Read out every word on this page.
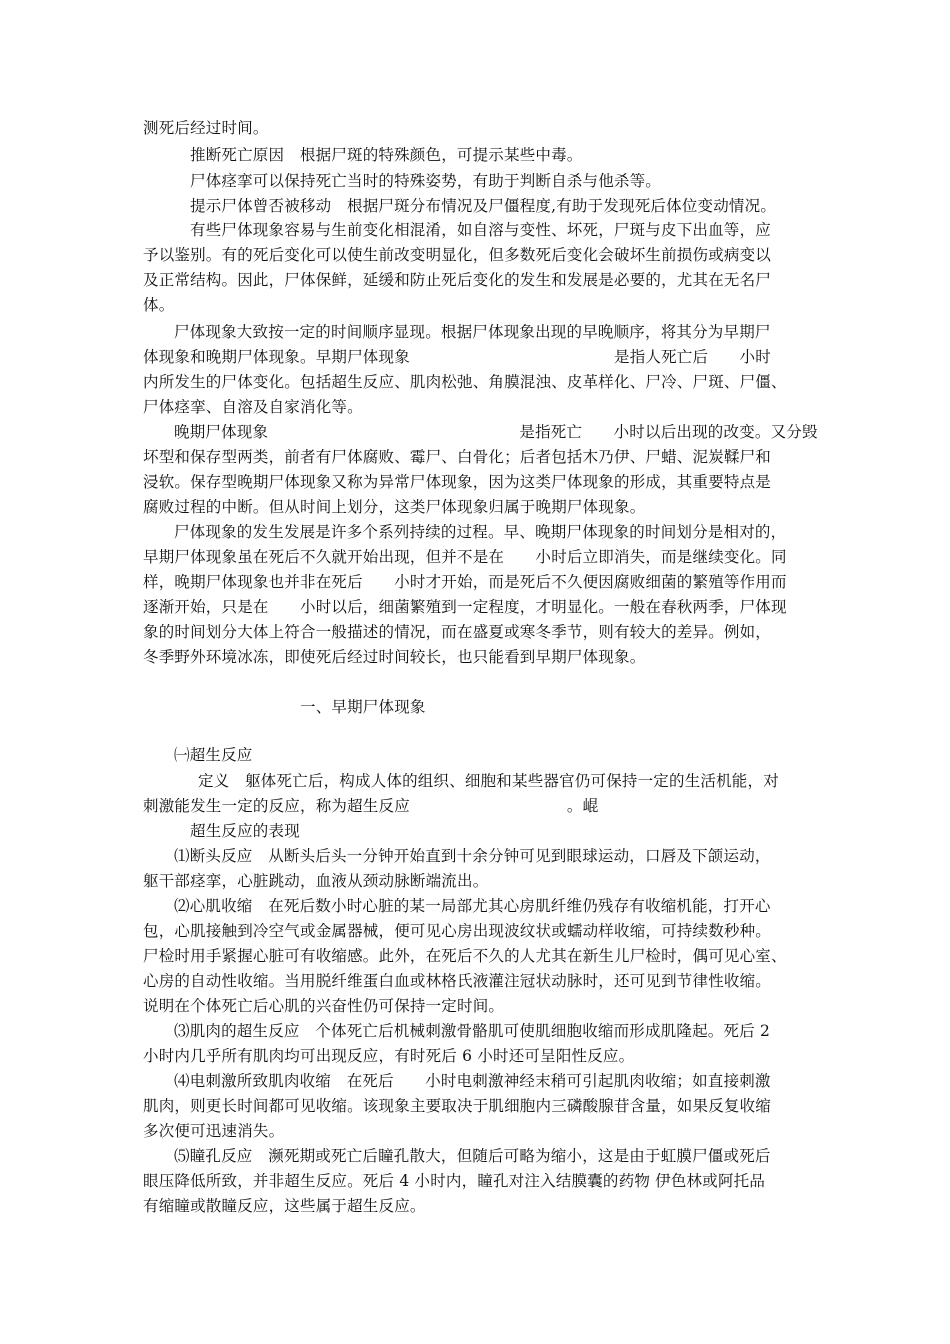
测死后经过时间。
推断死亡原因　根据尸斑的特殊颜色，可提示某些中毒。
尸体痉挛可以保持死亡当时的特殊姿势，有助于判断自杀与他杀等。
提示尸体曾否被移动　根据尸斑分布情况及尸僵程度,有助于发现死后体位变动情况。
有些尸体现象容易与生前变化相混淆，如自溶与变性、坏死，尸斑与皮下出血等，应
予以鉴别。有的死后变化可以使生前改变明显化，但多数死后变化会破坏生前损伤或病变以
及正常结构。因此，尸体保鲜，延缓和防止死后变化的发生和发展是必要的，尤其在无名尸
体。
尸体现象大致按一定的时间顺序显现。根据尸体现象出现的早晚顺序，将其分为早期尸
体现象和晚期尸体现象。早期尸体现象　　　　　　　　　　　　　是指人死亡后　　小时
内所发生的尸体变化。包括超生反应、肌肉松弛、角膜混浊、皮革样化、尸冷、尸斑、尸僵、
尸体痉挛、自溶及自家消化等。
晚期尸体现象　　　　　　　　　　　　　　　　是指死亡　　小时以后出现的改变。又分毁
坏型和保存型两类，前者有尸体腐败、霉尸、白骨化；后者包括木乃伊、尸蜡、泥炭鞣尸和
浸软。保存型晚期尸体现象又称为异常尸体现象，因为这类尸体现象的形成，其重要特点是
腐败过程的中断。但从时间上划分，这类尸体现象归属于晚期尸体现象。
尸体现象的发生发展是许多个系列持续的过程。早、晚期尸体现象的时间划分是相对的，
早期尸体现象虽在死后不久就开始出现，但并不是在　　小时后立即消失，而是继续变化。同
样，晚期尸体现象也并非在死后　　小时才开始，而是死后不久便因腐败细菌的繁殖等作用而
逐渐开始，只是在　　小时以后，细菌繁殖到一定程度，才明显化。一般在春秋两季，尸体现
象的时间划分大体上符合一般描述的情况，而在盛夏或寒冬季节，则有较大的差异。例如，
冬季野外环境冰冻，即使死后经过时间较长，也只能看到早期尸体现象。
一、早期尸体现象
㈠超生反应
定义　躯体死亡后，构成人体的组织、细胞和某些器官仍可保持一定的生活机能，对
刺激能发生一定的反应，称为超生反应　　　　　　　　　　。崐
超生反应的表现
⑴断头反应　从断头后头一分钟开始直到十余分钟可见到眼球运动，口唇及下颌运动，
躯干部痉挛，心脏跳动，血液从颈动脉断端流出。
⑵心肌收缩　在死后数小时心脏的某一局部尤其心房肌纤维仍残存有收缩机能，打开心
包，心肌接触到冷空气或金属器械，便可见心房出现波纹状或蠕动样收缩，可持续数秒种。
尸检时用手紧握心脏可有收缩感。此外，在死后不久的人尤其在新生儿尸检时，偶可见心室、
心房的自动性收缩。当用脱纤维蛋白血或林格氏液灌注冠状动脉时，还可见到节律性收缩。
说明在个体死亡后心肌的兴奋性仍可保持一定时间。
⑶肌肉的超生反应　个体死亡后机械刺激骨骼肌可使肌细胞收缩而形成肌隆起。死后 2
小时内几乎所有肌肉均可出现反应，有时死后 6 小时还可呈阳性反应。
⑷电刺激所致肌肉收缩　在死后　　小时电刺激神经末稍可引起肌肉收缩；如直接刺激
肌肉，则更长时间都可见收缩。该现象主要取决于肌细胞内三磷酸腺苷含量，如果反复收缩
多次便可迅速消失。
⑸瞳孔反应　濒死期或死亡后瞳孔散大，但随后可略为缩小，这是由于虹膜尸僵或死后
眼压降低所致，并非超生反应。死后 4 小时内，瞳孔对注入结膜囊的药物 伊色林或阿托品
有缩瞳或散瞳反应，这些属于超生反应。
